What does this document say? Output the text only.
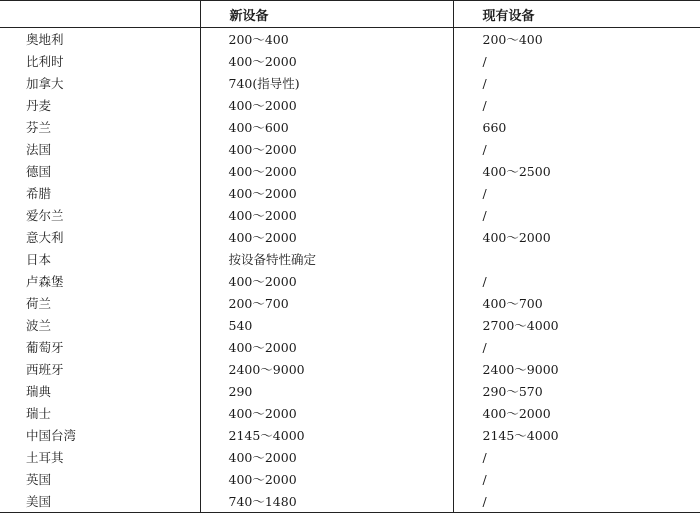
	新设备	现有设备
奥地利	200～400	200～400
比利时	400～2000	/
加拿大	740(指导性)	/
丹麦	400～2000	/
芬兰	400～600	660
法国	400～2000	/
德国	400～2000	400～2500
希腊	400～2000	/
爱尔兰	400～2000	/
意大利	400～2000	400～2000
日本	按设备特性确定	
卢森堡	400～2000	/
荷兰	200～700	400～700
波兰	540	2700～4000
葡萄牙	400～2000	/
西班牙	2400～9000	2400～9000
瑞典	290	290～570
瑞士	400～2000	400～2000
中国台湾	2145～4000	2145～4000
土耳其	400～2000	/
英国	400～2000	/
美国	740～1480	/
